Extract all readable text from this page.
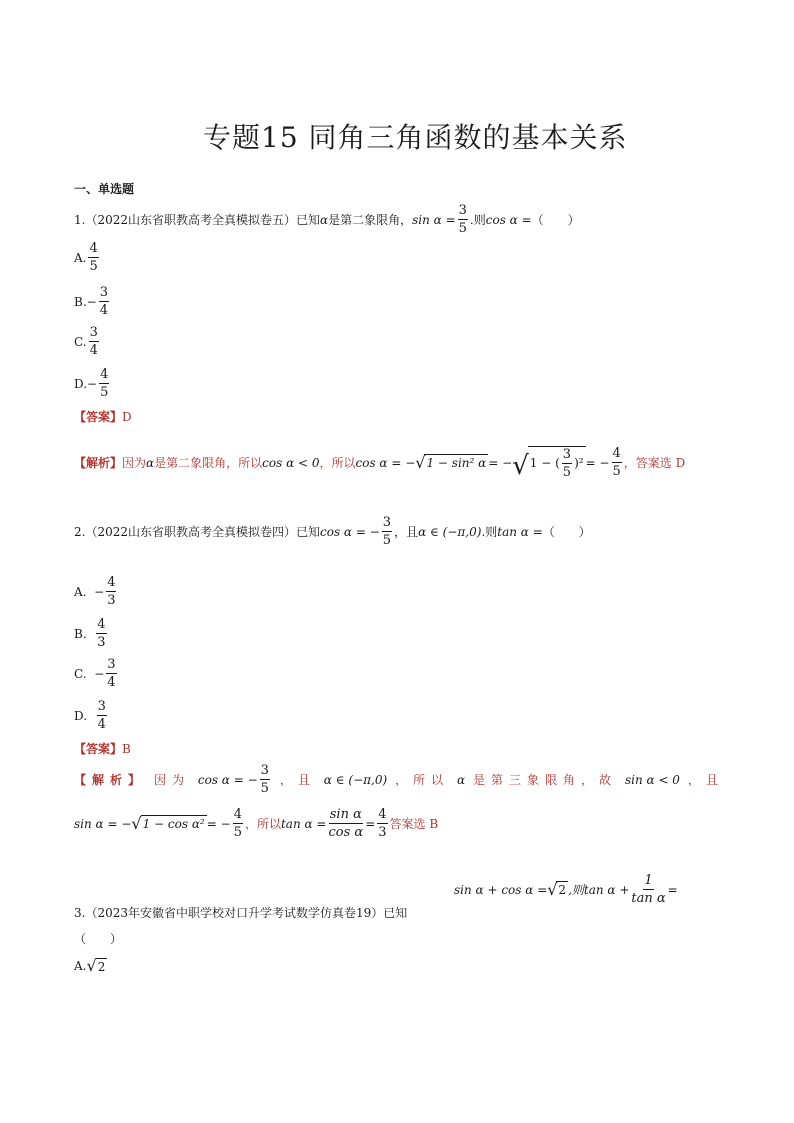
专题15 同角三角函数的基本关系
一、单选题
1.（2022山东省职教高考全真模拟卷五）已知 α 是第二象限角， $\sin \alpha = \frac{3}{5}$ .则 cos α = （　　）
A. $\frac{4}{5}$
B. − $\frac{3}{4}$
C. $\frac{3}{4}$
D. − $\frac{4}{5}$
【答案】 D
【解析】 因为 α 是第二象限角，所以 cos α < 0 ，所以 cos α = − √ 1 − sin² α = − √ 1 − ( $\frac{3}{5} )^2$ = − $\frac{4}{5}$ ，答案选 D
2.（2022山东省职教高考全真模拟卷四）已知 cos α = − $\frac{3}{5}$ ，且 α ∈ (−π,0) .则 tan α = （　　）
A.
− $\frac{4}{3}$
B.
$\frac{4}{3}$
C.
− $\frac{3}{4}$
D.
$\frac{3}{4}$
【答案】 B
【解析】 因为 cos α = − $\frac{3}{5}$ ，且 α ∈ (−π,0) ，所以 α 是第三象限角，故 sin α < 0 ，且
sin α = − √ 1 − cos α² = − $\frac{4}{5}$ ，所以 $\tan \alpha = \frac{\text{sin α}}{\text{cos α}} = \frac{4}{3}$ 答案选 B
sin α + cos α = √ 2 ,则$\tan \alpha + \frac{1}{\text{tan α}}$ =
3.（2023年安徽省中职学校对口升学考试数学仿真卷19）已知
（　　）
A. √ 2
